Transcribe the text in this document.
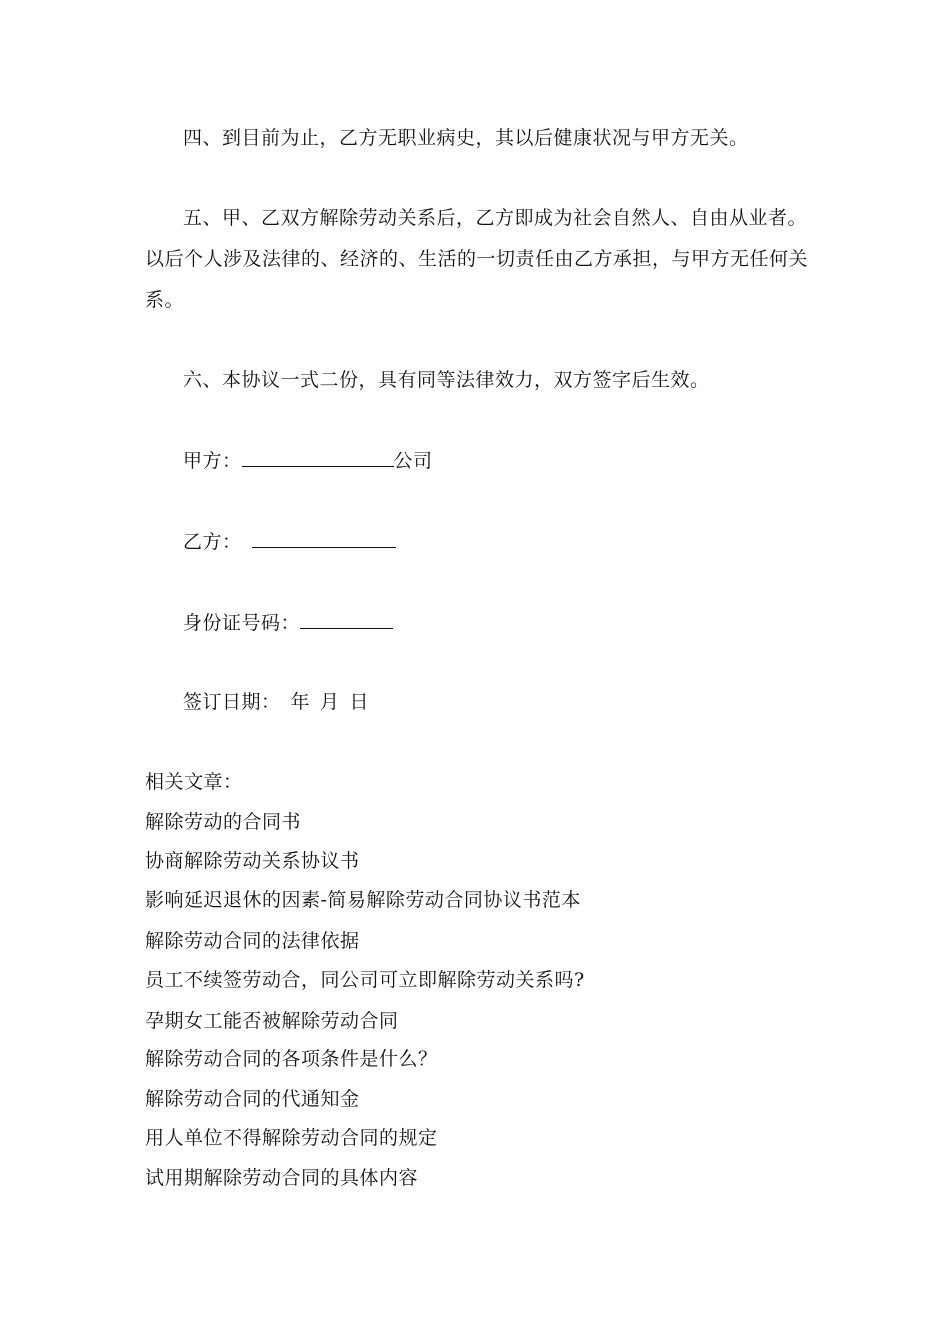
四、到目前为止，乙方无职业病史，其以后健康状况与甲方无关。
五、甲、乙双方解除劳动关系后，乙方即成为社会自然人、自由从业者。
以后个人涉及法律的、经济的、生活的一切责任由乙方承担，与甲方无任何关
系。
六、本协议一式二份，具有同等法律效力，双方签字后生效。
甲方：	公司
乙方：
身份证号码：
签订日期： 年 月 日
相关文章：
解除劳动的合同书
协商解除劳动关系协议书
影响延迟退休的因素-简易解除劳动合同协议书范本
解除劳动合同的法律依据
员工不续签劳动合，同公司可立即解除劳动关系吗?
孕期女工能否被解除劳动合同
解除劳动合同的各项条件是什么？
解除劳动合同的代通知金
用人单位不得解除劳动合同的规定
试用期解除劳动合同的具体内容
